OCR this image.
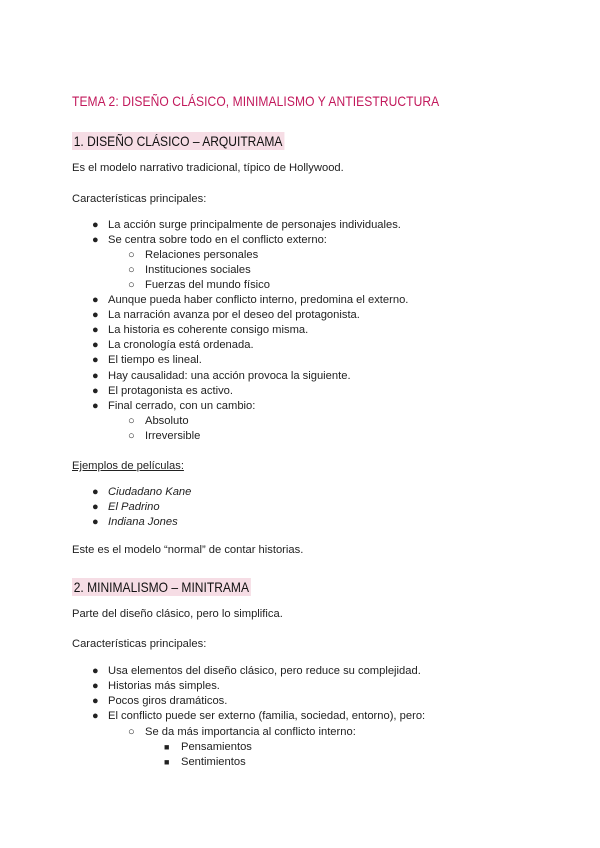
TEMA 2: DISEÑO CLÁSICO, MINIMALISMO Y ANTIESTRUCTURA
1. DISEÑO CLÁSICO – ARQUITRAMA
Es el modelo narrativo tradicional, típico de Hollywood.
Características principales:
● La acción surge principalmente de personajes individuales.
● Se centra sobre todo en el conflicto externo:
○ Relaciones personales
○ Instituciones sociales
○ Fuerzas del mundo físico
● Aunque pueda haber conflicto interno, predomina el externo.
● La narración avanza por el deseo del protagonista.
● La historia es coherente consigo misma.
● La cronología está ordenada.
● El tiempo es lineal.
● Hay causalidad: una acción provoca la siguiente.
● El protagonista es activo.
● Final cerrado, con un cambio:
○ Absoluto
○ Irreversible
Ejemplos de películas:
● Ciudadano Kane
● El Padrino
● Indiana Jones
Este es el modelo “normal” de contar historias.
2. MINIMALISMO – MINITRAMA
Parte del diseño clásico, pero lo simplifica.
Características principales:
● Usa elementos del diseño clásico, pero reduce su complejidad.
● Historias más simples.
● Pocos giros dramáticos.
● El conflicto puede ser externo (familia, sociedad, entorno), pero:
○ Se da más importancia al conflicto interno:
■ Pensamientos
■ Sentimientos
